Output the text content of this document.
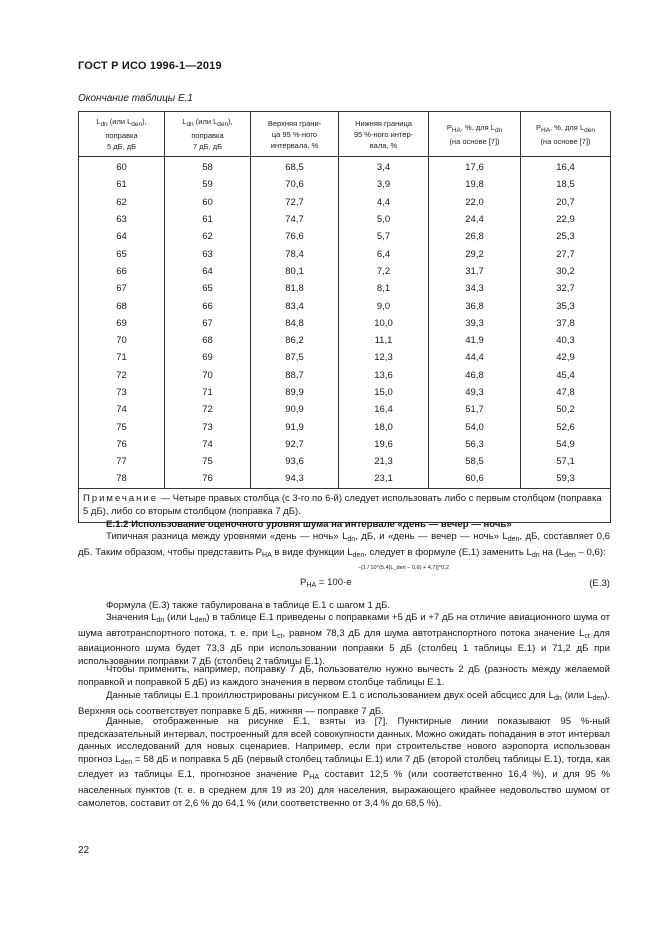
ГОСТ Р ИСО 1996-1—2019
Окончание таблицы E.1
Ldn (или Lden),
поправка
5 дБ, дБ	Ldn (или Lden),
поправка
7 дБ, дБ	Верхняя грани-
ца 95 %-ного
интервала, %	Нижняя граница
95 %-ного интер-
вала, %	PHA, %, для Ldn
(на основе [7])	PHA, %, для Lden
(на основе [7])
60	58	68,5	3,4	17,6	16,4
61	59	70,6	3,9	19,8	18,5
62	60	72,7	4,4	22,0	20,7
63	61	74,7	5,0	24,4	22,9
64	62	76,6	5,7	26,8	25,3
65	63	78,4	6,4	29,2	27,7
66	64	80,1	7,2	31,7	30,2
67	65	81,8	8,1	34,3	32,7
68	66	83,4	9,0	36,8	35,3
69	67	84,8	10,0	39,3	37,8
70	68	86,2	11,1	41,9	40,3
71	69	87,5	12,3	44,4	42,9
72	70	88,7	13,6	46,8	45,4
73	71	89,9	15,0	49,3	47,8
74	72	90,9	16,4	51,7	50,2
75	73	91,9	18,0	54,0	52,6
76	74	92,7	19,6	56,3	54,9
77	75	93,6	21,3	58,5	57,1
78	76	94,3	23,1	60,6	59,3
Примечание — Четыре правых столбца (с 3-го по 6-й) следует использовать либо с первым столбцом (поправка 5 дБ), либо со вторым столбцом (поправка 7 дБ).					
E.1.2 Использование оценочного уровня шума на интервале «день — вечер — ночь»
Типичная разница между уровнями «день — ночь» $L_{dn}$, дБ, и «день — вечер — ночь» $L_{den}$, дБ, составляет 0,6 дБ. Таким образом, чтобы представить $P_{HA}$ в виде функции $L_{den}$, следует в формуле (E.1) заменить $L_{dn}$ на $(L_{den} - 0,6)$:
$P_{HA} = 100\cdot e$
−[1 / 10^(5,4(L_den − 0,6) + 4,7)]^0,2
(E.3)
Формула (E.3) также табулирована в таблице E.1 с шагом 1 дБ.
Значения $L_{dn}$ (или $L_{den}$) в таблице E.1 приведены с поправками +5 дБ и +7 дБ на отличие авиационного шума от шума автотранспортного потока, т. е. при $L_{ct}$, равном 78,3 дБ для шума автотранспортного потока значение $L_{ct}$ для авиационного шума будет 73,3 дБ при использовании поправки 5 дБ (столбец 1 таблицы E.1) и 71,2 дБ при использовании поправки 7 дБ (столбец 2 таблицы E.1).
Чтобы применить, например, поправку 7 дБ, пользователю нужно вычесть 2 дБ (разность между желаемой поправкой и поправкой 5 дБ) из каждого значения в первом столбце таблицы E.1.
Данные таблицы E.1 проиллюстрированы рисунком E.1 с использованием двух осей абсцисс для $L_{dn}$ (или $L_{den}$). Верхняя ось соответствует поправке 5 дБ, нижняя — поправке 7 дБ.
Данные, отображенные на рисунке E.1, взяты из [7]. Пунктирные линии показывают 95 %-ный предсказательный интервал, построенный для всей совокупности данных. Можно ожидать попадания в этот интервал данных исследований для новых сценариев. Например, если при строительстве нового аэропорта использован прогноз $L_{den} = 58$ дБ и поправка 5 дБ (первый столбец таблицы E.1) или 7 дБ (второй столбец таблицы E.1), тогда, как следует из таблицы E.1, прогнозное значение $P_{HA}$ составит 12,5 % (или соответственно 16,4 %), и для 95 % населенных пунктов (т. е. в среднем для 19 из 20) для населения, выражающего крайнее недовольство шумом от самолетов, составит от 2,6 % до 64,1 % (или соответственно от 3,4 % до 68,5 %).
22
